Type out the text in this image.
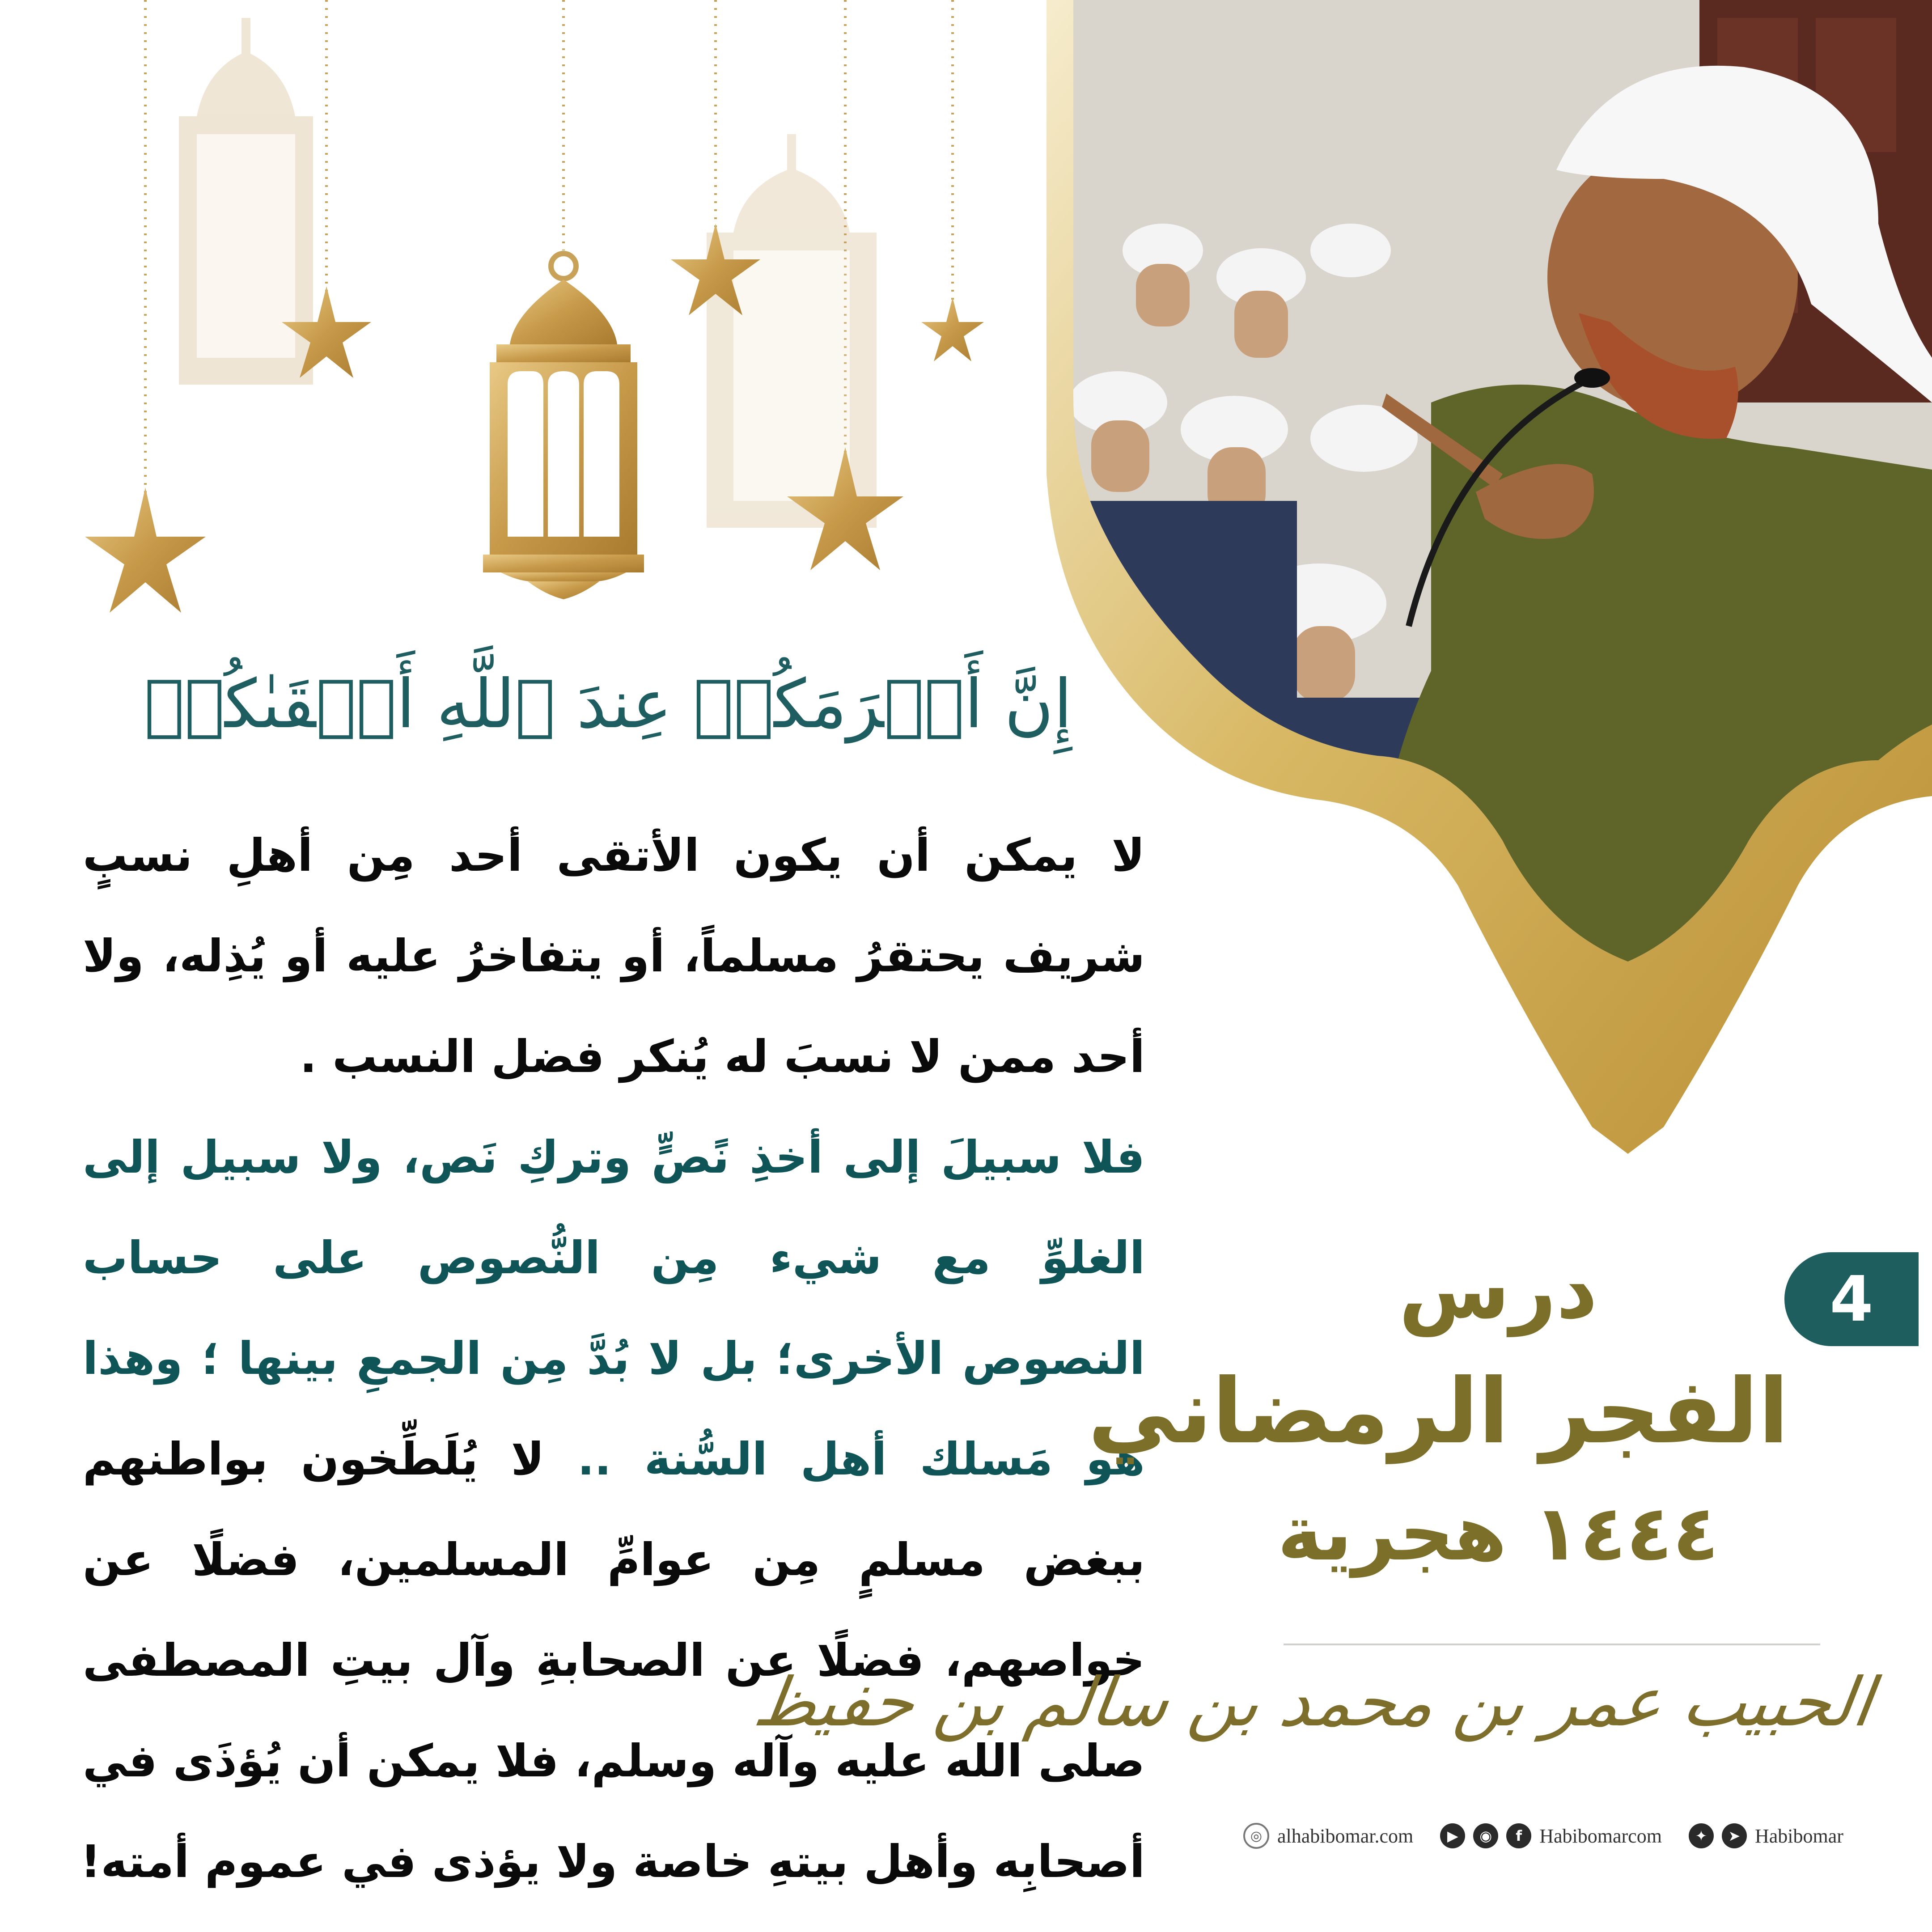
إِنَّ أَكۡرَمَكُمۡ عِندَ ٱللَّهِ أَتۡقَىٰكُمۡ
لا يمكن أن يكون الأتقى أحد مِن أهلِ نسبٍ
شريف يحتقرُ مسلماً، أو يتفاخرُ عليه أو يُذِله، ولا
أحد ممن لا نسبَ له يُنكر فضل النسب .
فلا سبيلَ إلى أخذِ نًصٍّ وتركِ نَص، ولا سبيل إلى
الغلوِّ مع شيء مِن النُّصوص على حساب
النصوص الأخرى؛ بل لا بُدَّ مِن الجمعِ بينها ؛ وهذا
هو مَسلك أهل السُّنة .. لا يُلَطِّخون بواطنهم
ببغض مسلمٍ مِن عوامِّ المسلمين، فضلًا عن
خواصهم، فضلًا عن الصحابةِ وآل بيتِ المصطفى
صلى الله عليه وآله وسلم، فلا يمكن أن يُؤذَى في
أصحابِه وأهل بيتهِ خاصة ولا يؤذى في عموم أمته!
4
درس
الفجر الرمضاني
١٤٤٤ هجرية
الحبيب عمر بن محمد بن سالم بن حفيظ
◎ alhabibomar.com	▶	◉	f Habibomarcom	✦	➤ Habibomar
